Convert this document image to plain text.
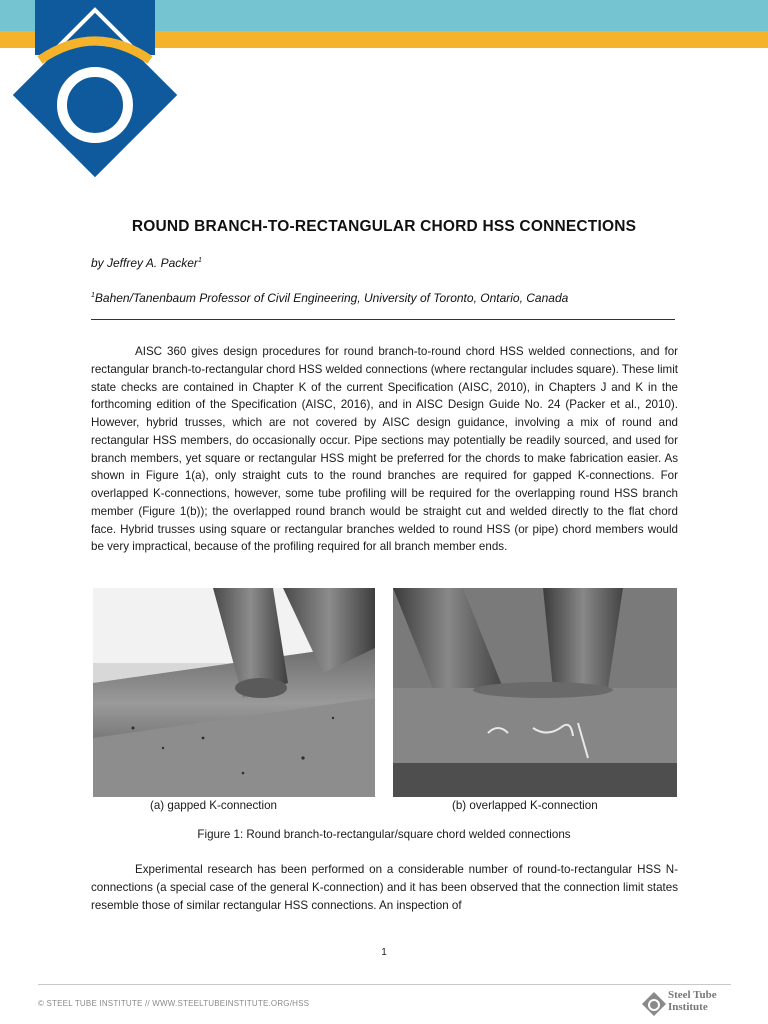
ROUND BRANCH-TO-RECTANGULAR CHORD HSS CONNECTIONS
by Jeffrey A. Packer$^1$
$^1$Bahen/Tanenbaum Professor of Civil Engineering, University of Toronto, Ontario, Canada
AISC 360 gives design procedures for round branch-to-round chord HSS welded connections, and for rectangular branch-to-rectangular chord HSS welded connections (where rectangular includes square). These limit state checks are contained in Chapter K of the current Specification (AISC, 2010), in Chapters J and K in the forthcoming edition of the Specification (AISC, 2016), and in AISC Design Guide No. 24 (Packer et al., 2010). However, hybrid trusses, which are not covered by AISC design guidance, involving a mix of round and rectangular HSS members, do occasionally occur. Pipe sections may potentially be readily sourced, and used for branch members, yet square or rectangular HSS might be preferred for the chords to make fabrication easier. As shown in Figure 1(a), only straight cuts to the round branches are required for gapped K-connections. For overlapped K-connections, however, some tube profiling will be required for the overlapping round HSS branch member (Figure 1(b)); the overlapped round branch would be straight cut and welded directly to the flat chord face. Hybrid trusses using square or rectangular branches welded to round HSS (or pipe) chord members would be very impractical, because of the profiling required for all branch member ends.
(a) gapped K-connection	(b) overlapped K-connection
Figure 1: Round branch-to-rectangular/square chord welded connections
Experimental research has been performed on a considerable number of round-to-rectangular HSS N-connections (a special case of the general K-connection) and it has been observed that the connection limit states resemble those of similar rectangular HSS connections. An inspection of
1
© STEEL TUBE INSTITUTE // WWW.STEELTUBEINSTITUTE.ORG/HSS
Steel Tube
Institute
